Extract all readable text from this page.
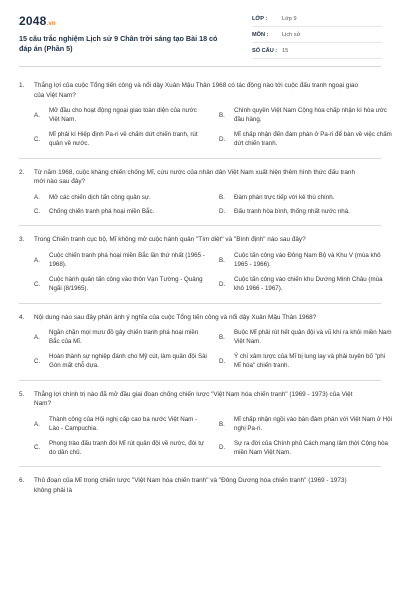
2048.vn
15 câu trắc nghiệm Lịch sử 9 Chân trời sáng tạo Bài 18 có đáp án (Phần 5)
LỚP :	Lớp 9
MÔN :	Lịch sử
SỐ CÂU : 15
1.	Thắng lợi của cuộc Tổng tiến công và nổi dậy Xuân Mậu Thân 1968 có tác động nào tới cuộc đấu tranh ngoại giao của Việt Nam?
A.
Mở đầu cho hoạt động ngoại giao toàn diện của nước Việt Nam.
B.
Chính quyền Việt Nam Cộng hòa chấp nhận kí hòa ước đầu hàng.
C.
Mĩ phải kí Hiệp định Pa-ri về chấm dứt chiến tranh, rút quân về nước.
D.
Mĩ chấp nhận đến đàm phán ở Pa-ri để bàn về việc chấm dứt chiến tranh.
2.	Từ năm 1968, cuộc kháng chiến chống Mĩ, cứu nước của nhân dân Việt Nam xuất hiện thêm hình thức đấu tranh mới nào sau đây?
A.	Mở các chiến dịch tấn công quân sự.	B.	Đàm phán trực tiếp với kẻ thù chính.
C.	Chống chiến tranh phá hoại miền Bắc.	D.	Đấu tranh hòa bình, thống nhất nước nhà.
3.	Trong Chiến tranh cục bộ, Mĩ không mở cuộc hành quân "Tìm diệt" và "Bình định" nào sau đây?
A.
Cuộc chiến tranh phá hoại miền Bắc lần thứ nhất (1965 - 1968).
B.
Cuộc tấn công vào Đông Nam Bộ và Khu V (mùa khô 1965 - 1966).
C.
Cuộc hành quân tấn công vào thôn Vạn Tường - Quảng Ngãi (8/1965).
D.
Cuộc tấn công vào chiến khu Dương Minh Châu (mùa khô 1966 - 1967).
4.	Nội dung nào sau đây phản ánh ý nghĩa của cuộc Tổng tiến công và nổi dậy Xuân Mậu Thân 1968?
A.
Ngăn chặn mọi mưu đồ gây chiến tranh phá hoại miền Bắc của Mĩ.
B.
Buộc Mĩ phải rút hết quân đội và vũ khí ra khỏi miền Nam Việt Nam.
C.
Hoàn thành sự nghiệp đánh cho Mỹ cút, làm quân đội Sài Gòn mất chỗ dựa.
D.
Ý chí xâm lược của Mĩ bị lung lay và phải tuyên bố "phi Mĩ hóa" chiến tranh.
5.	Thắng lợi chính trị nào đã mở đầu giai đoạn chống chiến lược "Việt Nam hóa chiến tranh" (1969 - 1973) của Việt Nam?
A.
Thành công của Hội nghị cấp cao ba nước Việt Nam - Lào - Campuchia.
B.
Mĩ chấp nhận ngồi vào bàn đàm phán với Việt Nam ở Hội nghị Pa-ri.
C.
Phong trào đấu tranh đòi Mĩ rút quân đội về nước, đòi tự do dân chủ.
D.
Sự ra đời của Chính phủ Cách mạng lâm thời Cộng hòa miền Nam Việt Nam.
6.	Thủ đoạn của Mĩ trong chiến lược "Việt Nam hóa chiến tranh" và "Đông Dương hóa chiến tranh" (1969 - 1973) không phải là
